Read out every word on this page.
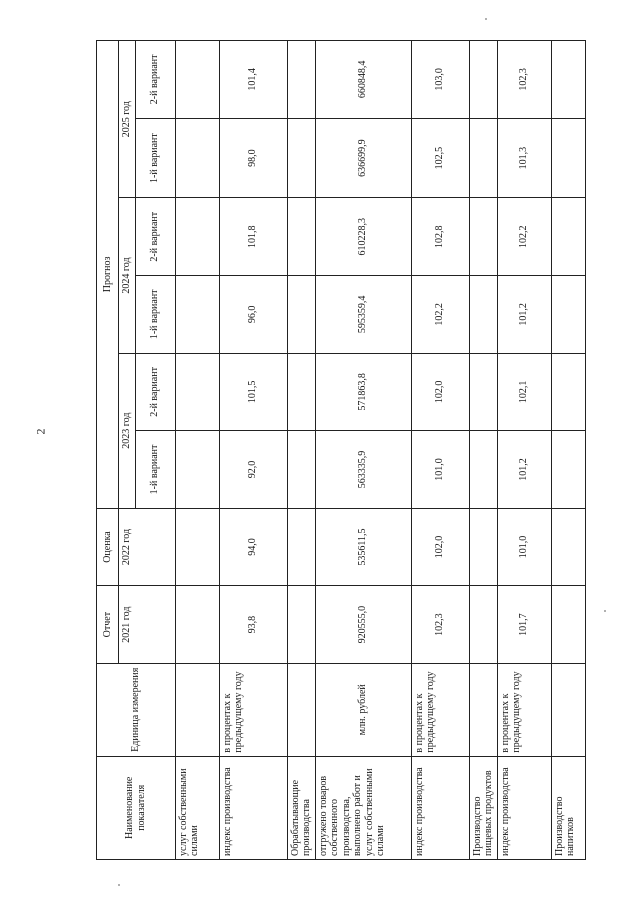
2
Наименование показателя	Единица измерения	Отчет	Оценка	Прогноз					
		2021 год	2022 год	2023 год		2024 год		2025 год	
				1-й вариант	2-й вариант	1-й вариант	2-й вариант	1-й вариант	2-й вариант
услуг собственными силами									
индекс производства	в процентах к предыдущему году	93,8	94,0	92,0	101,5	96,0	101,8	98,0	101,4
Обрабатывающие производства									
отгружено товаров собственного производства, выполнено работ и услуг собственными силами	млн. рублей	920555,0	535611,5	563335,9	571863,8	595359,4	610228,3	636699,9	660848,4
индекс производства	в процентах к предыдущему году	102,3	102,0	101,0	102,0	102,2	102,8	102,5	103,0
Производство пищевых продуктов									
индекс производства	в процентах к предыдущему году	101,7	101,0	101,2	102,1	101,2	102,2	101,3	102,3
Производство напитков									
